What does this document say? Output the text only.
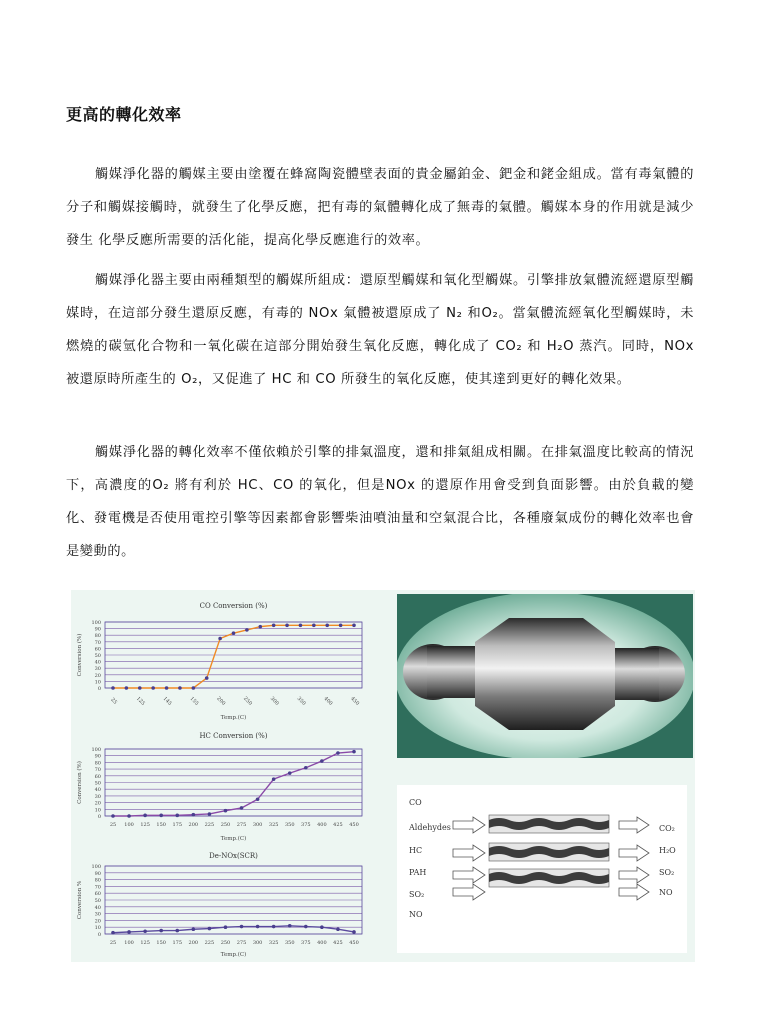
更高的轉化效率

觸媒淨化器的觸媒主要由塗覆在蜂窩陶瓷體壁表面的貴金屬鉑金、鈀金和銠金組成。當有毒氣體的分子和觸媒接觸時，就發生了化學反應，把有毒的氣體轉化成了無毒的氣體。觸媒本身的作用就是減少發生 化學反應所需要的活化能，提高化學反應進行的效率。

觸媒淨化器主要由兩種類型的觸媒所組成：還原型觸媒和氧化型觸媒。引擎排放氣體流經還原型觸媒時，在這部分發生還原反應，有毒的 NOx 氣體被還原成了 N₂ 和O₂。當氣體流經氧化型觸媒時，未燃燒的碳氫化合物和一氧化碳在這部分開始發生氧化反應，轉化成了 CO₂ 和 H₂O 蒸汽。同時，NOx 被還原時所產生的 O₂，又促進了 HC 和 CO 所發生的氧化反應，使其達到更好的轉化效果。

觸媒淨化器的轉化效率不僅依賴於引擎的排氣溫度，還和排氣組成相關。在排氣溫度比較高的情況下，高濃度的O₂ 將有利於 HC、CO 的氧化，但是NOx 的還原作用會受到負面影響。由於負載的變化、發電機是否使用電控引擎等因素都會影響柴油噴油量和空氣混合比，各種廢氣成份的轉化效率也會是變動的。

CO Conversion (%)
0
10
20
30
40
50
60
70
80
90
100
Conversion (%)
25	125	145	155	200	250	300	350	400	450
Temp.(C)
HC Conversion (%)
0
10
20
30
40
50
60
70
80
90
100
Conversion (%)
25 100 125 150 175 200 225 250 275 300 325 350 375 400 425 450
Temp.(C)
De-NOx(SCR)
0
10
20
30
40
50
60
70
80
90
100
Conversion %
25 100 125 150 175 200 225 250 275 300 325 350 375 400 425 450
Temp.(C)
CO
Aldehydes
HC
PAH
SO₂
NO
CO₂
H₂O
SO₂
NO
